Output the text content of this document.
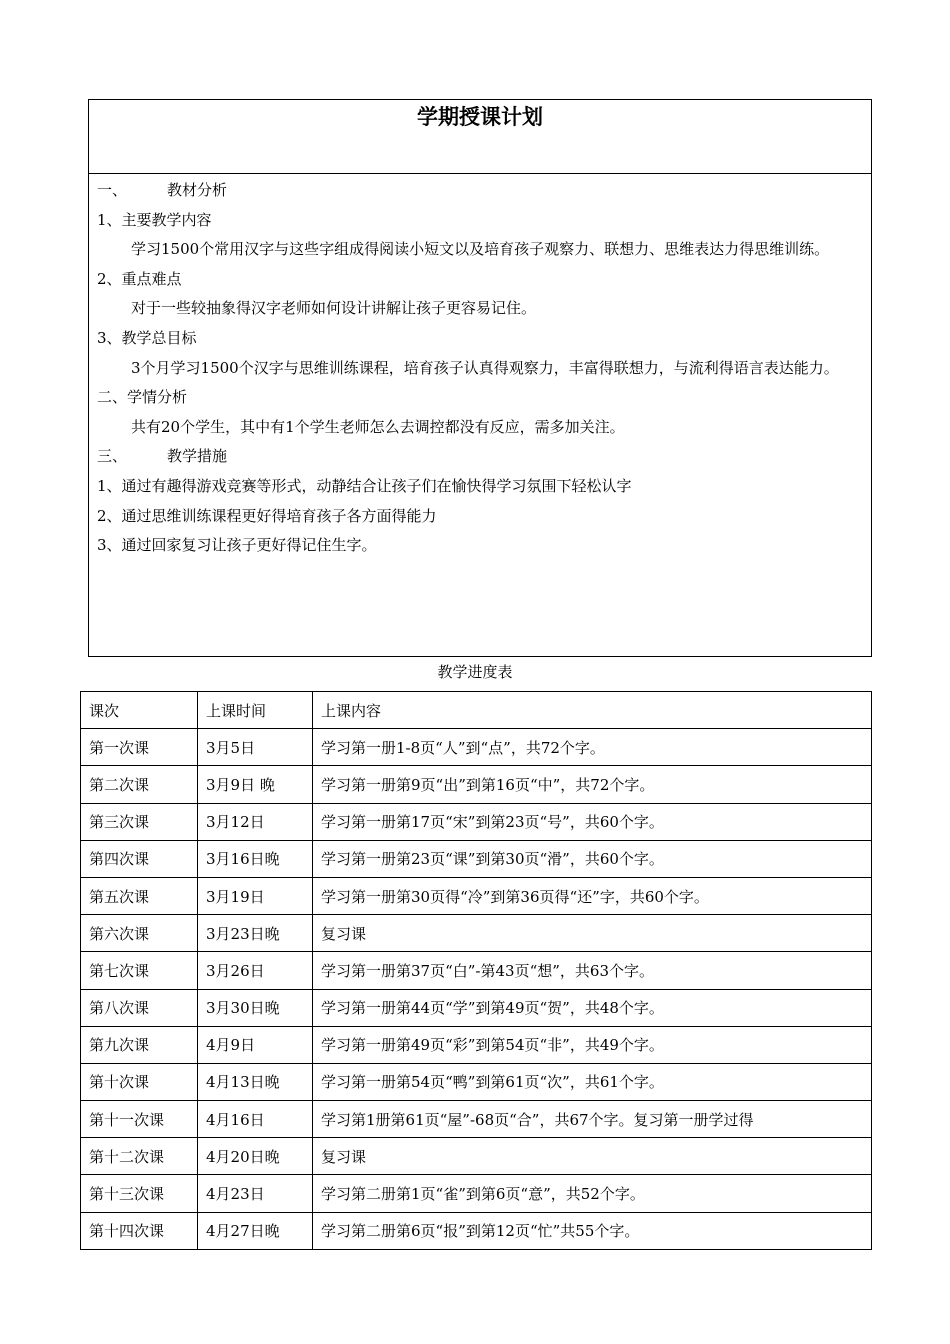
学期授课计划

一、	教材分析

1、主要教学内容

学习1500个常用汉字与这些字组成得阅读小短文以及培育孩子观察力、联想力、思维表达力得思维训练。

2、重点难点

对于一些较抽象得汉字老师如何设计讲解让孩子更容易记住。

3、教学总目标

3个月学习1500个汉字与思维训练课程，培育孩子认真得观察力，丰富得联想力，与流利得语言表达能力。

二、学情分析

共有20个学生，其中有1个学生老师怎么去调控都没有反应，需多加关注。

三、	教学措施

1、通过有趣得游戏竞赛等形式，动静结合让孩子们在愉快得学习氛围下轻松认字

2、通过思维训练课程更好得培育孩子各方面得能力

3、通过回家复习让孩子更好得记住生字。

教学进度表
课次	上课时间	上课内容
第一次课	3月5日	学习第一册1-8页“人”到“点”，共72个字。
第二次课	3月9日 晚	学习第一册第9页“出”到第16页“中”，共72个字。
第三次课	3月12日	学习第一册第17页“宋”到第23页“号”，共60个字。
第四次课	3月16日晚	学习第一册第23页“课”到第30页“滑”，共60个字。
第五次课	3月19日	学习第一册第30页得“冷”到第36页得“还”字，共60个字。
第六次课	3月23日晚	复习课
第七次课	3月26日	学习第一册第37页“白”-第43页“想”，共63个字。
第八次课	3月30日晚	学习第一册第44页“学”到第49页“贺”，共48个字。
第九次课	4月9日	学习第一册第49页“彩”到第54页“非”，共49个字。
第十次课	4月13日晚	学习第一册第54页“鸭”到第61页“次”，共61个字。
第十一次课	4月16日	学习第1册第61页“屋”-68页“合”，共67个字。复习第一册学过得
第十二次课	4月20日晚	复习课
第十三次课	4月23日	学习第二册第1页“雀”到第6页“意”，共52个字。
第十四次课	4月27日晚	学习第二册第6页“报”到第12页“忙”共55个字。
